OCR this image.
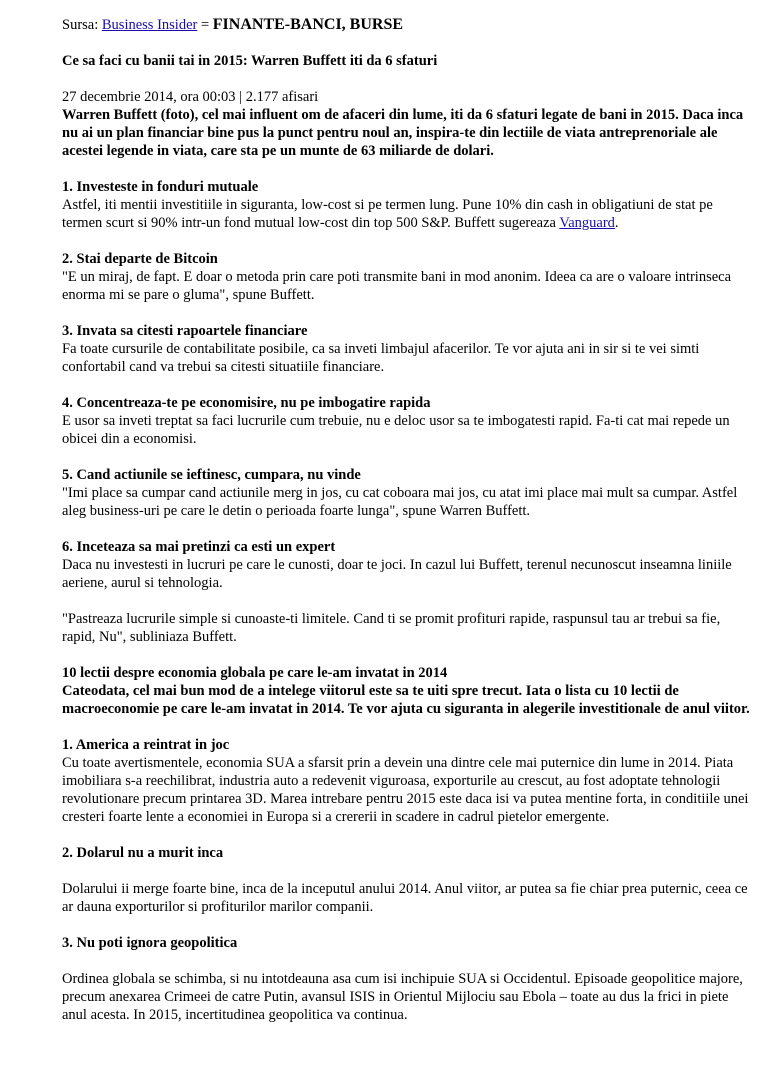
Sursa: Business Insider = FINANTE-BANCI, BURSE

Ce sa faci cu banii tai in 2015: Warren Buffett iti da 6 sfaturi

27 decembrie 2014, ora 00:03 | 2.177 afisari

Warren Buffett (foto), cel mai influent om de afaceri din lume, iti da 6 sfaturi legate de bani in 2015. Daca inca nu ai un plan financiar bine pus la punct pentru noul an, inspira-te din lectiile de viata antreprenoriale ale acestei legende in viata, care sta pe un munte de 63 miliarde de dolari.

1. Investeste in fonduri mutuale

Astfel, iti mentii investitiile in siguranta, low-cost si pe termen lung. Pune 10% din cash in obligatiuni de stat pe termen scurt si 90% intr-un fond mutual low-cost din top 500 S&P. Buffett sugereaza Vanguard.

2. Stai departe de Bitcoin

"E un miraj, de fapt. E doar o metoda prin care poti transmite bani in mod anonim. Ideea ca are o valoare intrinseca enorma mi se pare o gluma", spune Buffett.

3. Invata sa citesti rapoartele financiare

Fa toate cursurile de contabilitate posibile, ca sa inveti limbajul afacerilor. Te vor ajuta ani in sir si te vei simti confortabil cand va trebui sa citesti situatiile financiare.

4. Concentreaza-te pe economisire, nu pe imbogatire rapida

E usor sa inveti treptat sa faci lucrurile cum trebuie, nu e deloc usor sa te imbogatesti rapid. Fa-ti cat mai repede un obicei din a economisi.

5. Cand actiunile se ieftinesc, cumpara, nu vinde

"Imi place sa cumpar cand actiunile merg in jos, cu cat coboara mai jos, cu atat imi place mai mult sa cumpar. Astfel aleg business-uri pe care le detin o perioada foarte lunga", spune Warren Buffett.

6. Inceteaza sa mai pretinzi ca esti un expert

Daca nu investesti in lucruri pe care le cunosti, doar te joci. In cazul lui Buffett, terenul necunoscut inseamna liniile aeriene, aurul si tehnologia.

"Pastreaza lucrurile simple si cunoaste-ti limitele. Cand ti se promit profituri rapide, raspunsul tau ar trebui sa fie, rapid, Nu", subliniaza Buffett.

10 lectii despre economia globala pe care le-am invatat in 2014

Cateodata, cel mai bun mod de a intelege viitorul este sa te uiti spre trecut. Iata o lista cu 10 lectii de macroeconomie pe care le-am invatat in 2014. Te vor ajuta cu siguranta in alegerile investitionale de anul viitor.

1. America a reintrat in joc

Cu toate avertismentele, economia SUA a sfarsit prin a devein una dintre cele mai puternice din lume in 2014. Piata imobiliara s-a reechilibrat, industria auto a redevenit viguroasa, exporturile au crescut, au fost adoptate tehnologii revolutionare precum printarea 3D. Marea intrebare pentru 2015 este daca isi va putea mentine forta, in conditiile unei cresteri foarte lente a economiei in Europa si a crererii in scadere in cadrul pietelor emergente.

2. Dolarul nu a murit inca

Dolarului ii merge foarte bine, inca de la inceputul anului 2014. Anul viitor, ar putea sa fie chiar prea puternic, ceea ce ar dauna exporturilor si profiturilor marilor companii.

3. Nu poti ignora geopolitica

Ordinea globala se schimba, si nu intotdeauna asa cum isi inchipuie SUA si Occidentul. Episoade geopolitice majore, precum anexarea Crimeei de catre Putin, avansul ISIS in Orientul Mijlociu sau Ebola – toate au dus la frici in piete anul acesta. In 2015, incertitudinea geopolitica va continua.
